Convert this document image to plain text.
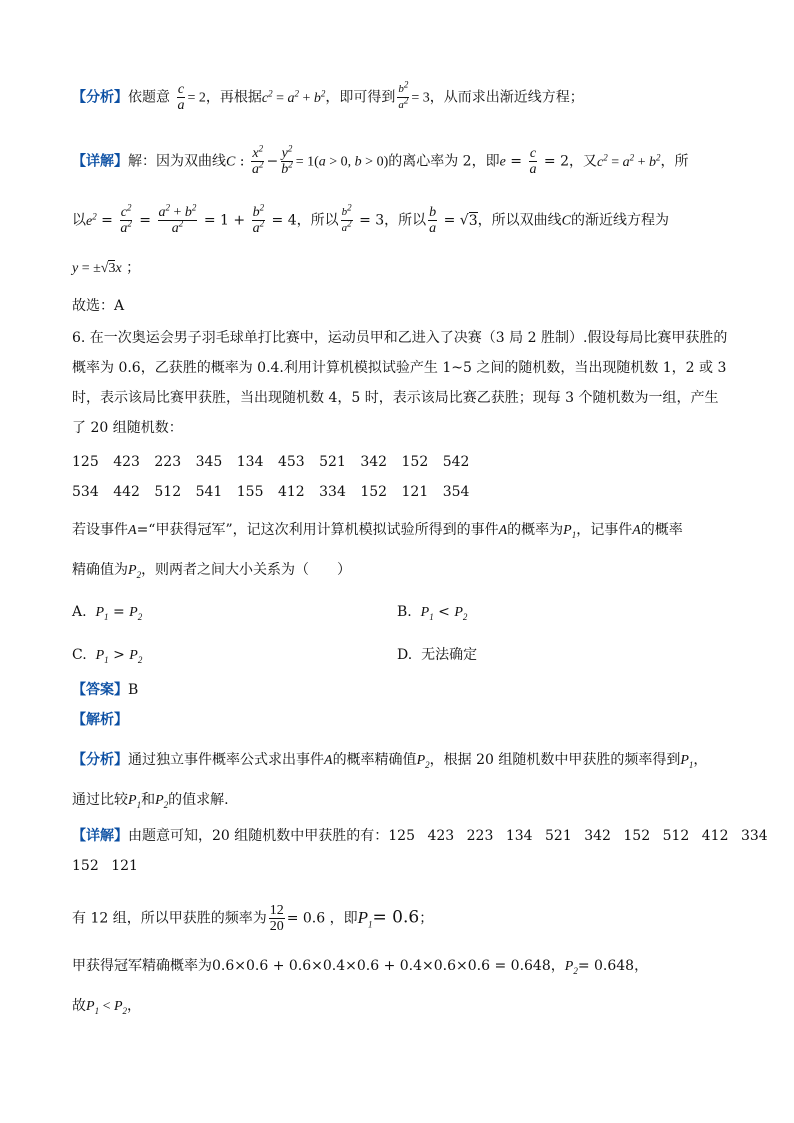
【分析】依题意 $\frac{c}{a} = 2$，再根据$c^2 = a^2 + b^2$，即可得到 $\frac{b^2}{a^2} = 3$，从而求出渐近线方程；
【详解】解：因为双曲线C : $\frac{x^2}{a^2} - \frac{y^2}{b^2} = 1(a > 0$, b > 0)的离心率为 2，即$e = \frac{c}{a} = 2$，又$c^2 = a^2 + b^2$，所
以$e^2 = \frac{c^2}{a^2} = \frac{a^2 + b^2}{a^2} = 1 + \frac{b^2}{a^2} = 4$，所以 $\frac{b^2}{a^2} = 3$，所以 $\frac{b}{a} = √3$，所以双曲线C的渐近线方程为
y = ±√3x ；
故选：A
6. 在一次奥运会男子羽毛球单打比赛中，运动员甲和乙进入了决赛（3 局 2 胜制）.假设每局比赛甲获胜的
概率为 0.6，乙获胜的概率为 0.4.利用计算机模拟试验产生 1~5 之间的随机数，当出现随机数 1，2 或 3
时，表示该局比赛甲获胜，当出现随机数 4，5 时，表示该局比赛乙获胜；现每 3 个随机数为一组，产生
了 20 组随机数：
125 423 223 345 134 453 521 342 152 542
534 442 512 541 155 412 334 152 121 354
若设事件A=“甲获得冠军”，记这次利用计算机模拟试验所得到的事件A的概率为$P_1$，记事件A的概率
精确值为$P_2$，则两者之间大小关系为（　　）
A. $P_1 = P_2$	B. $P_1 < P_2$
C. $P_1 > P_2$	D. 无法确定
【答案】B
【解析】
【分析】通过独立事件概率公式求出事件A的概率精确值$P_2$，根据 20 组随机数中甲获胜的频率得到$P_1$，
通过比较$P_1$和$P_2$的值求解.
【详解】由题意可知，20 组随机数中甲获胜的有：125 423 223 134 521 342 152 512 412 334
152 121
有 12 组，所以甲获胜的频率为 $\frac{12}{20} = 0.6$ ，即$P_1= 0.6$；
甲获得冠军精确概率为0.6×0.6 + 0.6×0.4×0.6 + 0.4×0.6×0.6 = 0.648，$P_2= 0.648$，
故$P_1 < P_2$，
